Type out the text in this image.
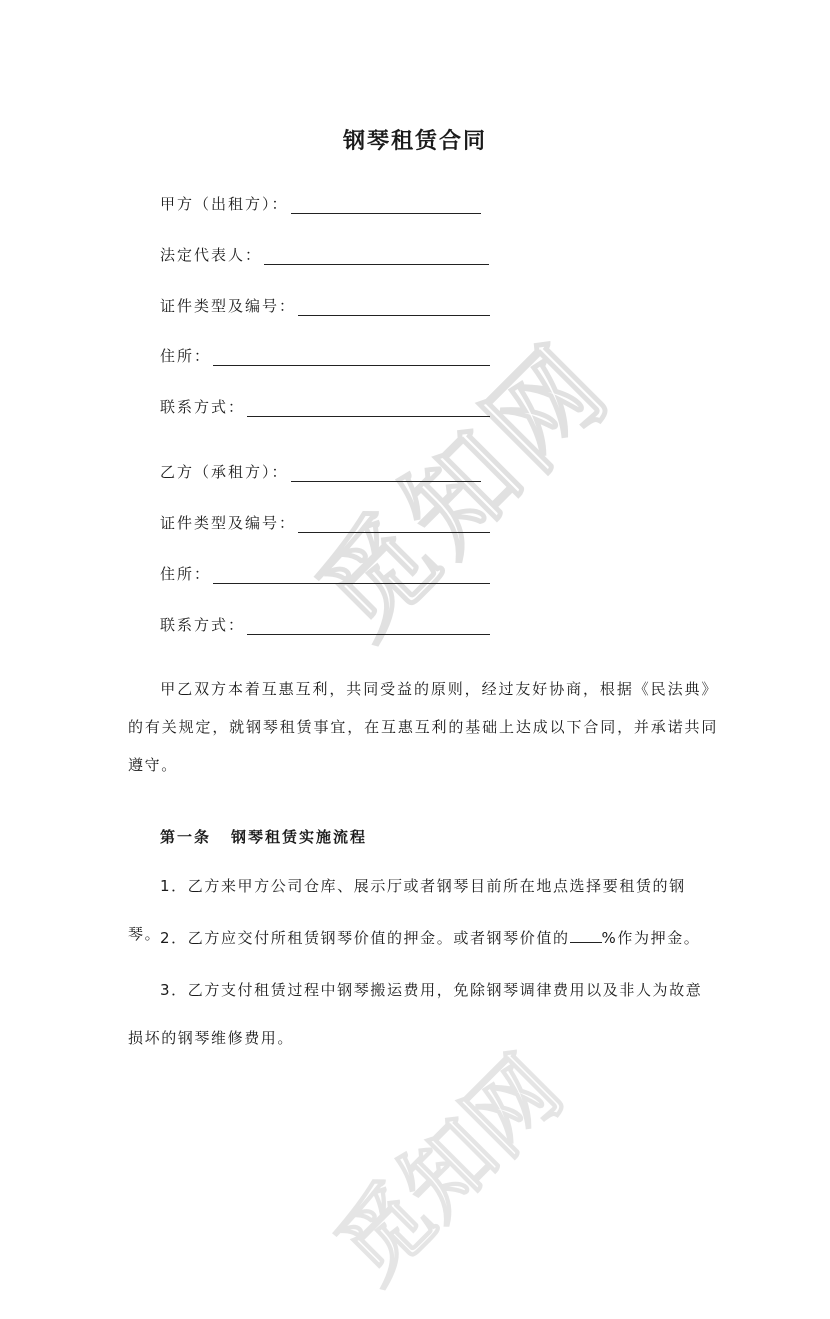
觅知网
觅知网
钢琴租赁合同
甲方（出租方）：
法定代表人：
证件类型及编号：
住所：
联系方式：
乙方（承租方）：
证件类型及编号：
住所：
联系方式：
甲乙双方本着互惠互利，共同受益的原则，经过友好协商，根据《民法典》的有关规定，就钢琴租赁事宜，在互惠互利的基础上达成以下合同，并承诺共同遵守。
第一条 钢琴租赁实施流程
1．乙方来甲方公司仓库、展示厅或者钢琴目前所在地点选择要租赁的钢琴。
2．乙方应交付所租赁钢琴价值的押金。或者钢琴价值的 %作为押金。
3．乙方支付租赁过程中钢琴搬运费用，免除钢琴调律费用以及非人为故意损坏的钢琴维修费用。
